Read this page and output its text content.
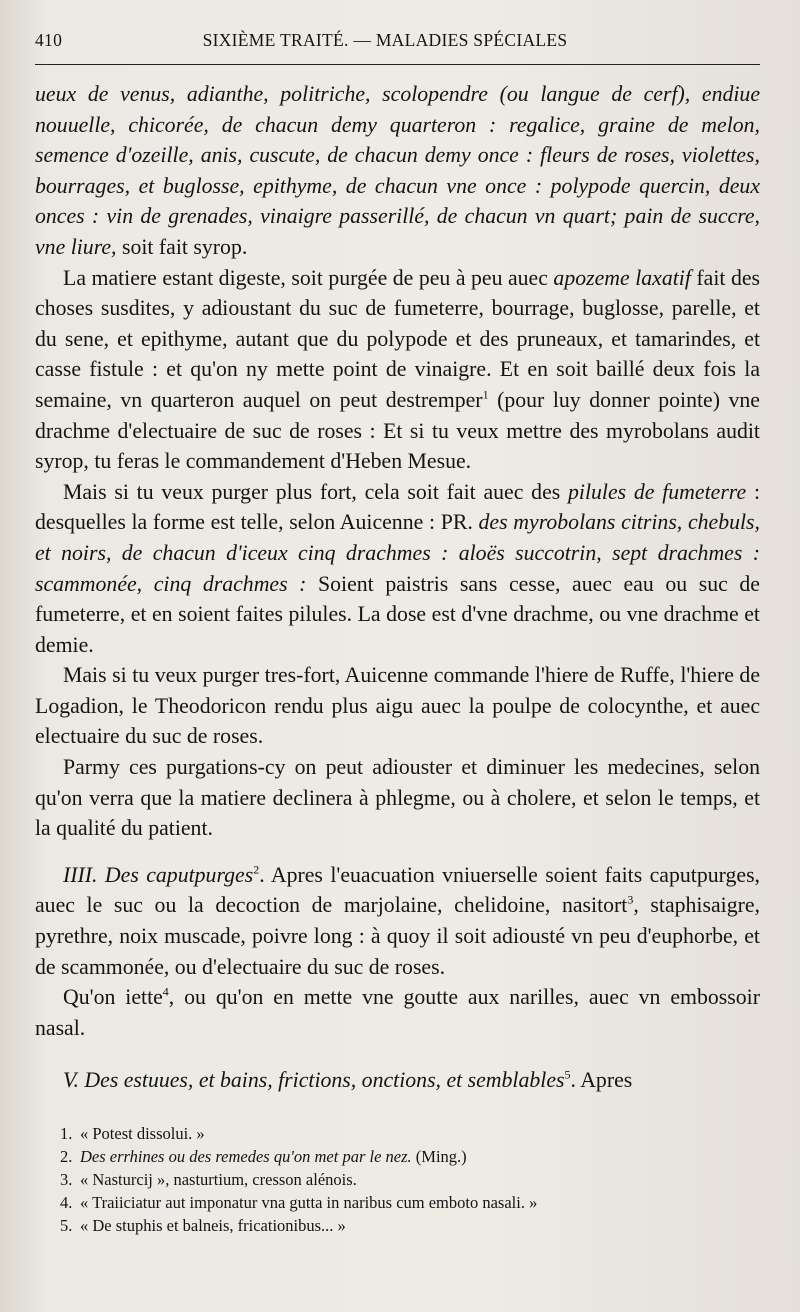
410	SIXIÈME TRAITÉ. — MALADIES SPÉCIALES

ueux de venus, adianthe, politriche, scolopendre (ou langue de cerf), endiue nouuelle, chicorée, de chacun demy quarteron : regalice, graine de melon, semence d'ozeille, anis, cuscute, de chacun demy once : fleurs de roses, violettes, bourrages, et buglosse, epithyme, de chacun vne once : polypode quercin, deux onces : vin de grenades, vinaigre passerillé, de chacun vn quart; pain de succre, vne liure, soit fait syrop.

La matiere estant digeste, soit purgée de peu à peu auec apozeme laxatif fait des choses susdites, y adioustant du suc de fumeterre, bourrage, buglosse, parelle, et du sene, et epithyme, autant que du polypode et des pruneaux, et tamarindes, et casse fistule : et qu'on ny mette point de vinaigre. Et en soit baillé deux fois la semaine, vn quarteron auquel on peut destremper$^1$ (pour luy donner pointe) vne drachme d'electuaire de suc de roses : Et si tu veux mettre des myrobolans audit syrop, tu feras le commandement d'Heben Mesue.

Mais si tu veux purger plus fort, cela soit fait auec des pilules de fumeterre : desquelles la forme est telle, selon Auicenne : PR. des myrobolans citrins, chebuls, et noirs, de chacun d'iceux cinq drachmes : aloës succotrin, sept drachmes : scammonée, cinq drachmes : Soient paistris sans cesse, auec eau ou suc de fumeterre, et en soient faites pilules. La dose est d'vne drachme, ou vne drachme et demie.

Mais si tu veux purger tres-fort, Auicenne commande l'hiere de Ruffe, l'hiere de Logadion, le Theodoricon rendu plus aigu auec la poulpe de colocynthe, et auec electuaire du suc de roses.

Parmy ces purgations-cy on peut adiouster et diminuer les medecines, selon qu'on verra que la matiere declinera à phlegme, ou à cholere, et selon le temps, et la qualité du patient.

IIII. Des caputpurges$^2$. Apres l'euacuation vniuerselle soient faits caputpurges, auec le suc ou la decoction de marjolaine, chelidoine, nasitort$^3$, staphisaigre, pyrethre, noix muscade, poivre long : à quoy il soit adiousté vn peu d'euphorbe, et de scammonée, ou d'electuaire du suc de roses.

Qu'on iette$^4$, ou qu'on en mette vne goutte aux narilles, auec vn embossoir nasal.

V. Des estuues, et bains, frictions, onctions, et semblables$^5$. Apres

1. « Potest dissolui. »
2. Des errhines ou des remedes qu'on met par le nez. (Ming.)
3. « Nasturcij », nasturtium, cresson alénois.
4. « Traiiciatur aut imponatur vna gutta in naribus cum emboto nasali. »
5. « De stuphis et balneis, fricationibus... »
